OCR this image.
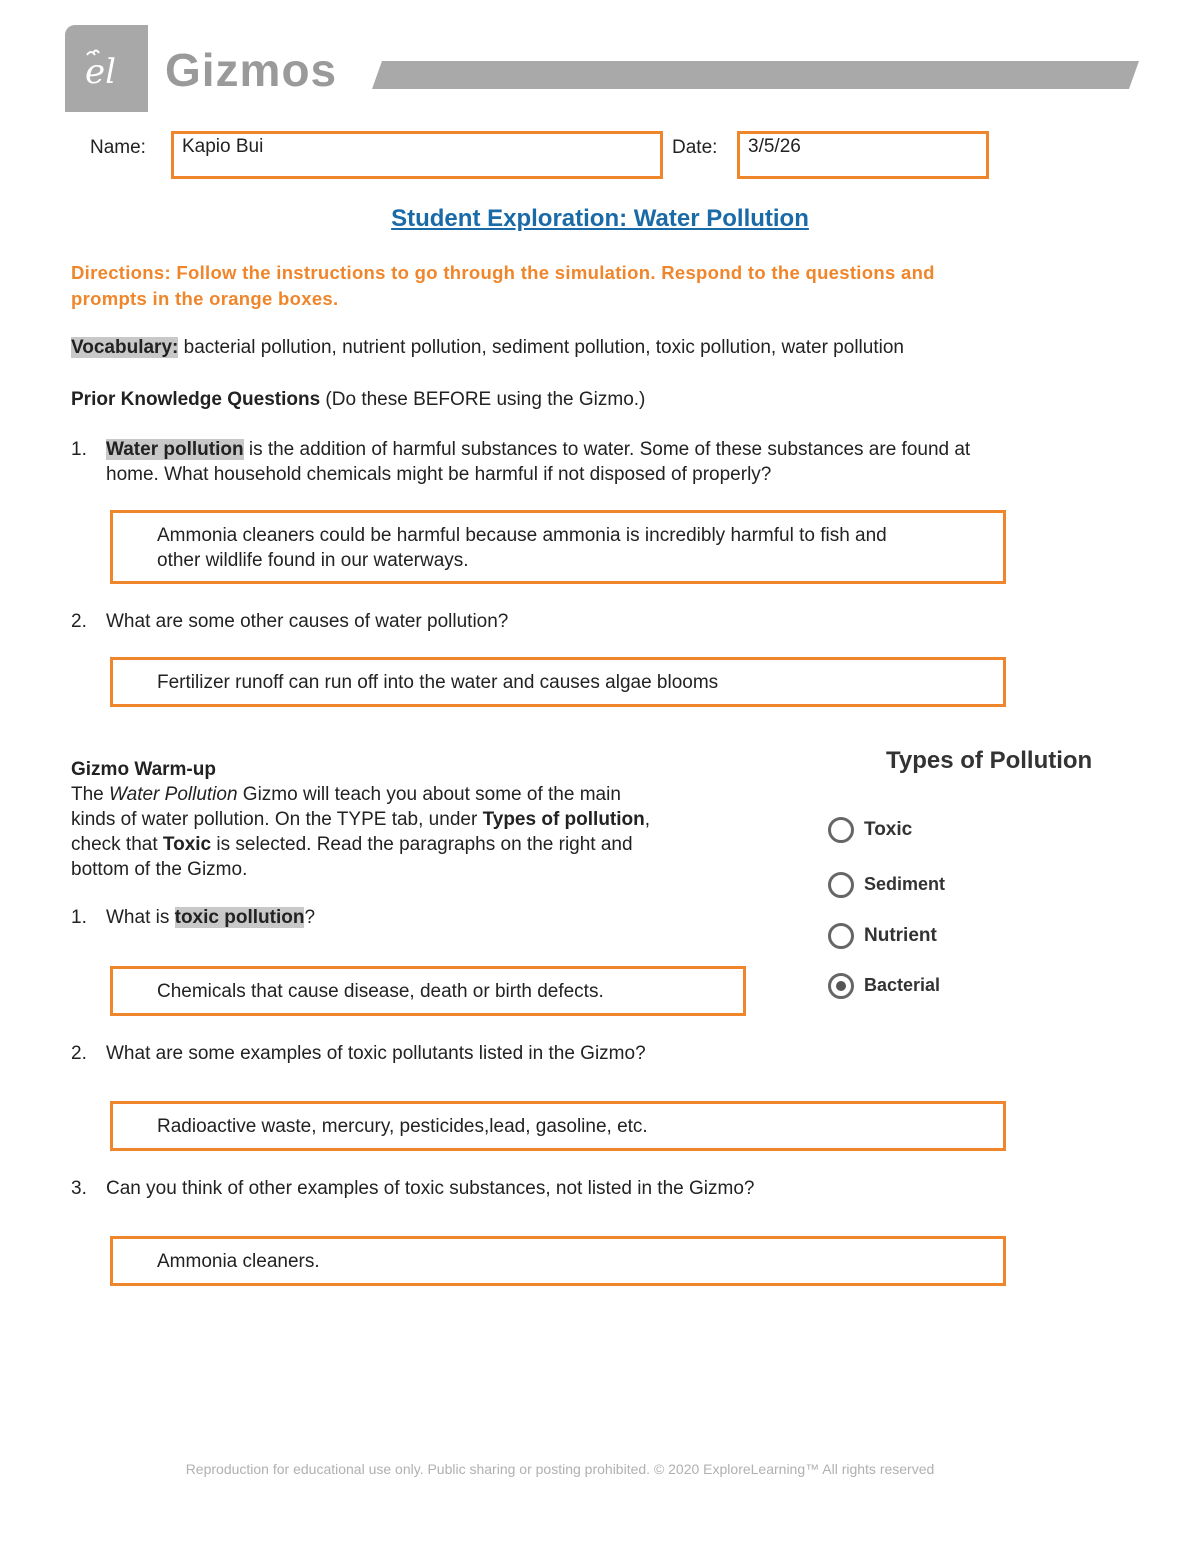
el Gizmos
Name:	Kapio Bui	Date:	3/5/26
Student Exploration: Water Pollution
Directions: Follow the instructions to go through the simulation. Respond to the questions and
prompts in the orange boxes.
Vocabulary: bacterial pollution, nutrient pollution, sediment pollution, toxic pollution, water pollution
Prior Knowledge Questions (Do these BEFORE using the Gizmo.)
1. Water pollution is the addition of harmful substances to water. Some of these substances are found at
home. What household chemicals might be harmful if not disposed of properly?
Ammonia cleaners could be harmful because ammonia is incredibly harmful to fish and
other wildlife found in our waterways.
2. What are some other causes of water pollution?
Fertilizer runoff can run off into the water and causes algae blooms
Gizmo Warm-up
The Water Pollution Gizmo will teach you about some of the main
kinds of water pollution. On the TYPE tab, under Types of pollution,
check that Toxic is selected. Read the paragraphs on the right and
bottom of the Gizmo.
1. What is toxic pollution?
Chemicals that cause disease, death or birth defects.
2. What are some examples of toxic pollutants listed in the Gizmo?
Radioactive waste, mercury, pesticides,lead, gasoline, etc.
3. Can you think of other examples of toxic substances, not listed in the Gizmo?
Ammonia cleaners.
Types of Pollution
Toxic
Sediment
Nutrient
Bacterial
Reproduction for educational use only. Public sharing or posting prohibited. © 2020 ExploreLearning™ All rights reserved
